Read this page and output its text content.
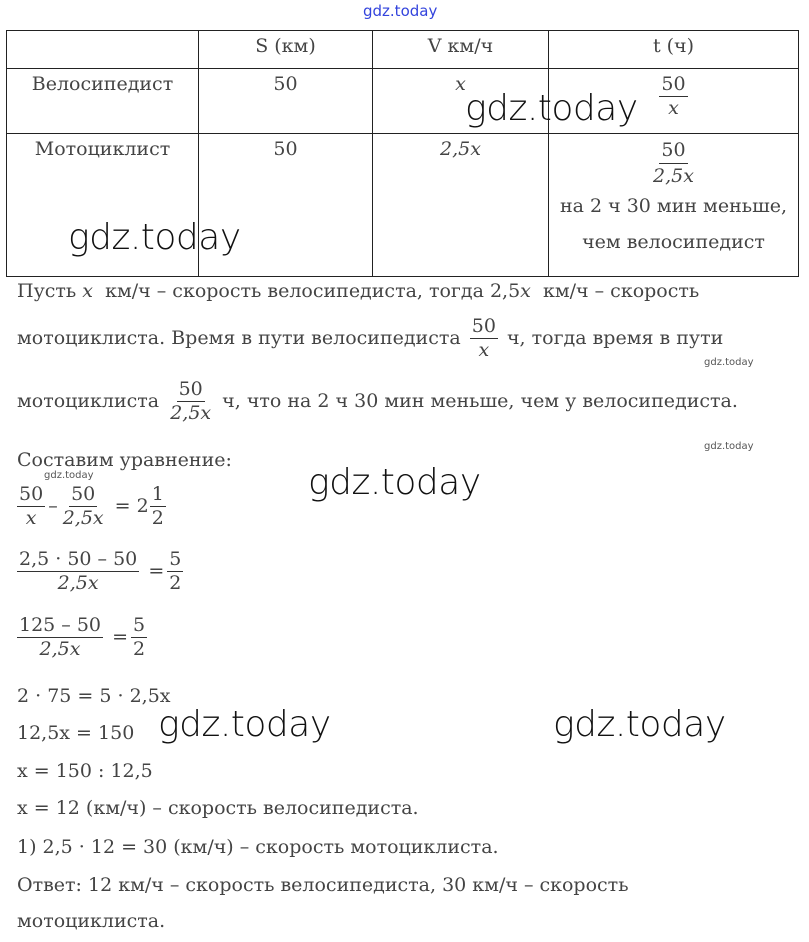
gdz.today
	S (км)	V км/ч	t (ч)
Велосипедист	50	x	$\frac{50}{x}$

Мотоциклист	50	2,5x	$\frac{50}{2,5x}$

на 2 ч 30 мин меньше,
чем велосипедист
Пусть
x
км/ч – скорость велосипедиста, тогда 2,5 x
км/ч – скорость
мотоциклиста. Время в пути велосипедиста
$\frac{50}{x}$
ч, тогда время в пути
мотоциклиста
$\frac{50}{2,5x}$
ч, что на 2 ч 30 мин меньше, чем у велосипедиста.
Составим уравнение:
$\frac{50}{x} - \frac{50}{2,5x}$
= $2 \frac{1}{2}$
$\frac{2,5 \cdot 50 - 50}{2,5x}$
= $\frac{5}{2}$
$\frac{125 - 50}{2,5x}$
= $\frac{5}{2}$
2 · 75 = 5 · 2,5x
12,5x = 150
x = 150 : 12,5
x = 12 (км/ч) – скорость велосипедиста.
1) 2,5 · 12 = 30 (км/ч) – скорость мотоциклиста.
Ответ: 12 км/ч – скорость велосипедиста, 30 км/ч – скорость
мотоциклиста.
gdz.today
gdz.today
gdz.today
gdz.today	gdz.today
gdz.today
gdz.today
gdz.today
